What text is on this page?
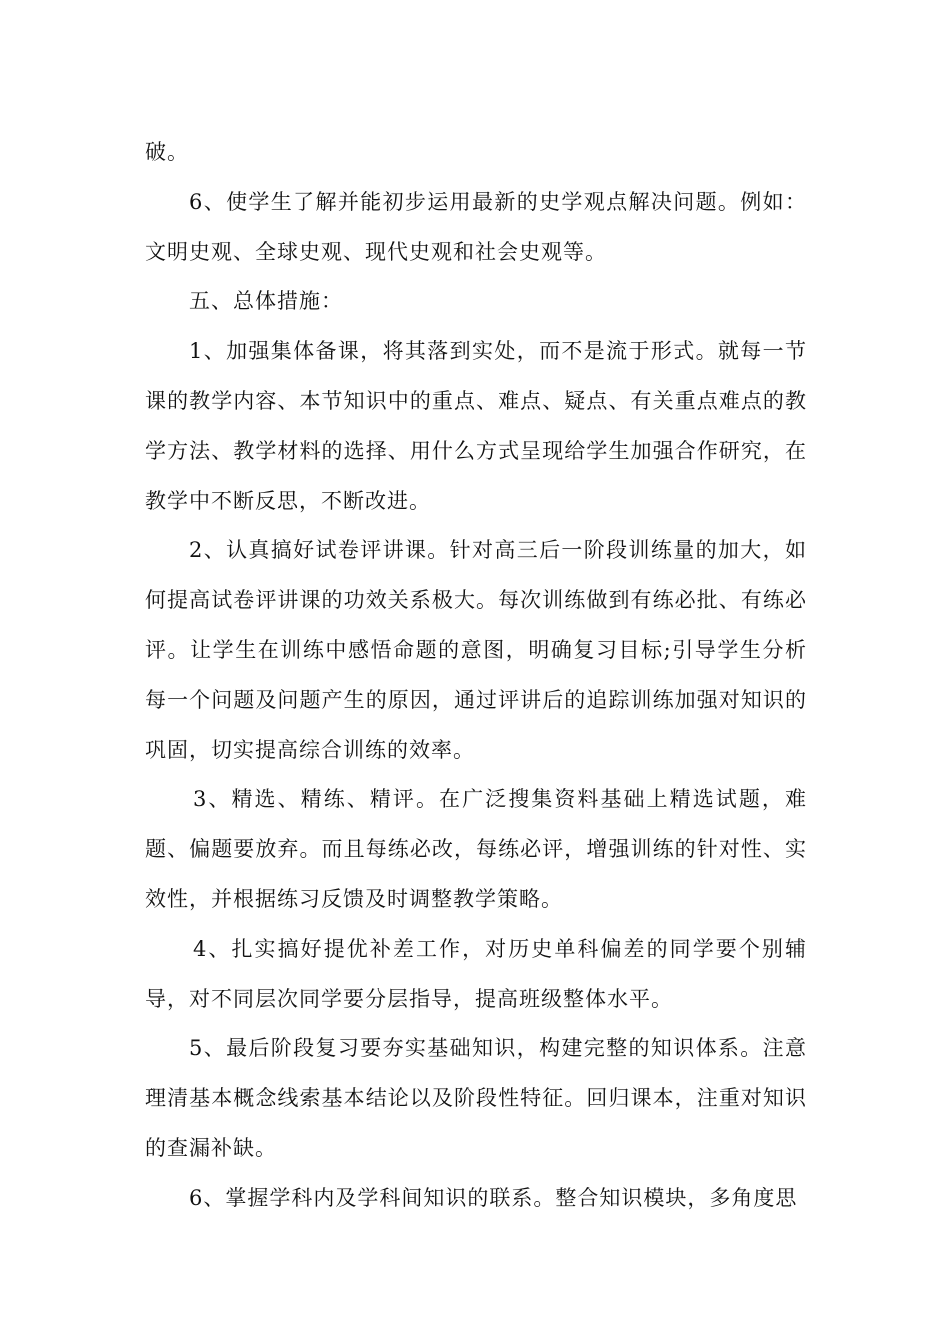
破。

6、使学生了解并能初步运用最新的史学观点解决问题。例如：文明史观、全球史观、现代史观和社会史观等。

五、总体措施：

1、加强集体备课，将其落到实处，而不是流于形式。就每一节课的教学内容、本节知识中的重点、难点、疑点、有关重点难点的教学方法、教学材料的选择、用什么方式呈现给学生加强合作研究，在教学中不断反思，不断改进。

2、认真搞好试卷评讲课。针对高三后一阶段训练量的加大，如何提高试卷评讲课的功效关系极大。每次训练做到有练必批、有练必评。让学生在训练中感悟命题的意图，明确复习目标;引导学生分析每一个问题及问题产生的原因，通过评讲后的追踪训练加强对知识的巩固，切实提高综合训练的效率。

3、精选、精练、精评。在广泛搜集资料基础上精选试题，难题、偏题要放弃。而且每练必改，每练必评，增强训练的针对性、实效性，并根据练习反馈及时调整教学策略。

4、扎实搞好提优补差工作，对历史单科偏差的同学要个别辅导，对不同层次同学要分层指导，提高班级整体水平。

5、最后阶段复习要夯实基础知识，构建完整的知识体系。注意理清基本概念线索基本结论以及阶段性特征。回归课本，注重对知识的查漏补缺。

6、掌握学科内及学科间知识的联系。整合知识模块，多角度思
